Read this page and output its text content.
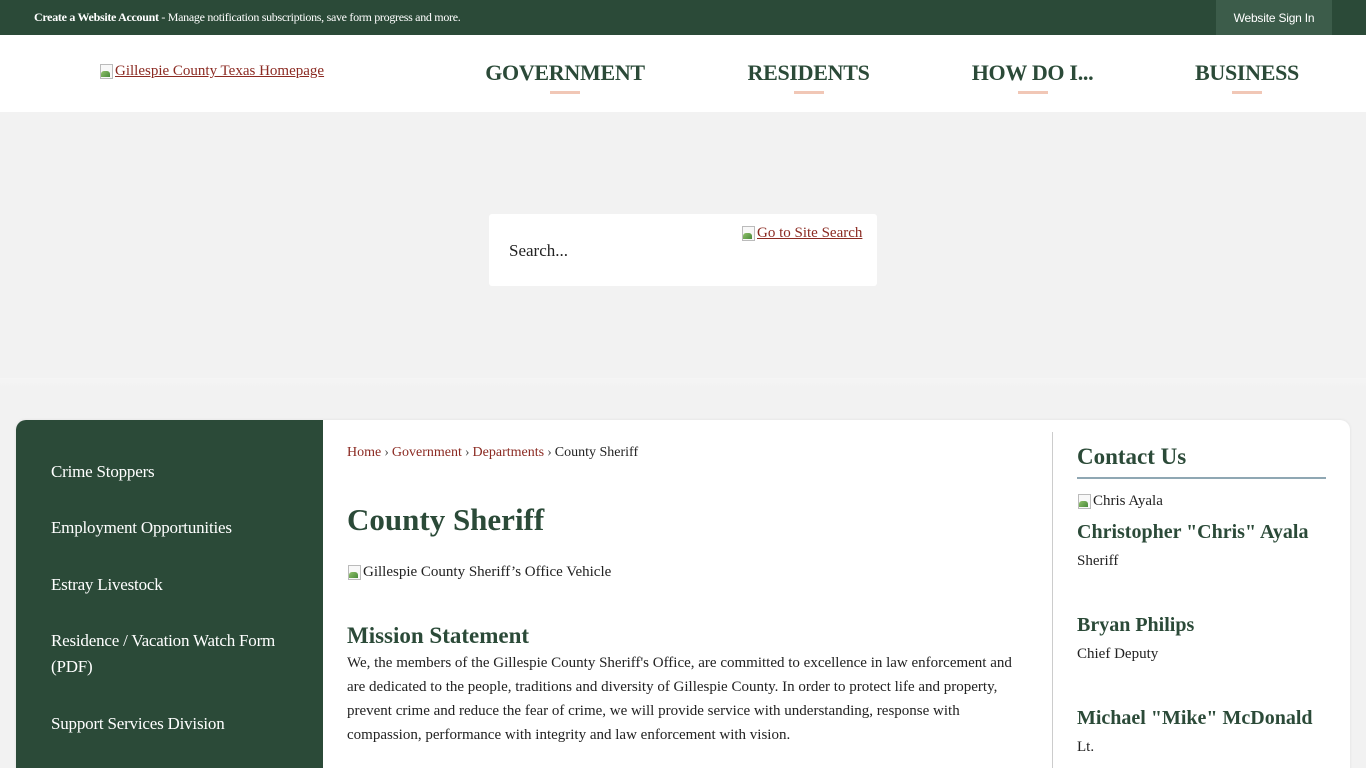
Create a Website Account - Manage notification subscriptions, save form progress and more.	Website Sign In
Gillespie County Texas Homepage	GOVERNMENT	RESIDENTS	HOW DO I...	BUSINESS
Search...
Go to Site Search
Crime Stoppers
Employment Opportunities
Estray Livestock
Residence / Vacation Watch Form (PDF)
Support Services Division
Home › Government › Departments › County Sheriff
County Sheriff
Gillespie County Sheriff’s Office Vehicle
Mission Statement

We, the members of the Gillespie County Sheriff's Office, are committed to excellence in law enforcement and are dedicated to the people, traditions and diversity of Gillespie County. In order to protect life and property, prevent crime and reduce the fear of crime, we will provide service with understanding, response with compassion, performance with integrity and law enforcement with vision.

Contact Us
Chris Ayala
Christopher "Chris" Ayala
Sheriff
Bryan Philips
Chief Deputy
Michael "Mike" McDonald
Lt.
